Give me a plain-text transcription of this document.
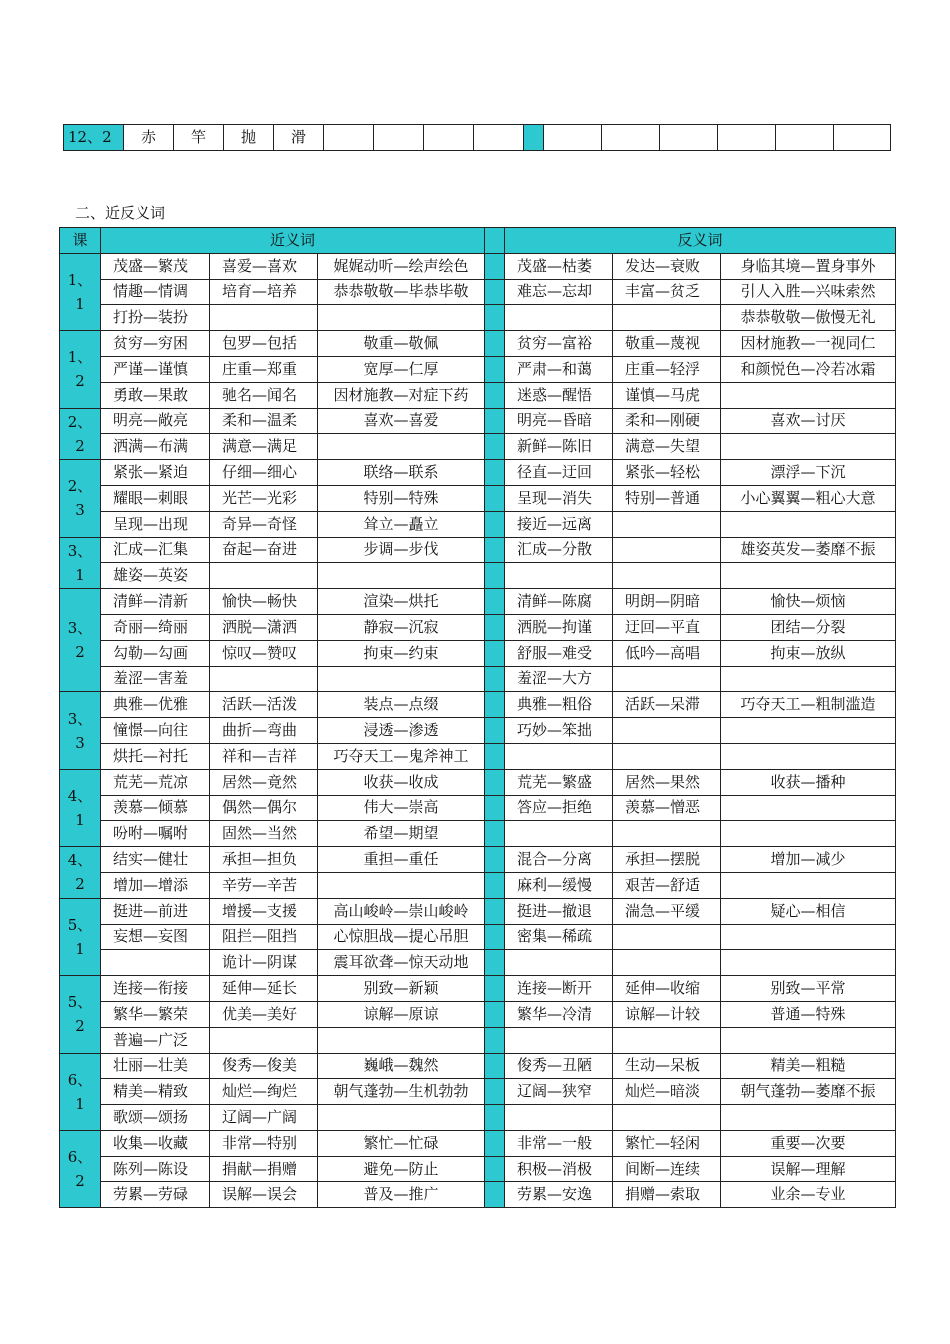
12、2	赤	竿	抛	滑											

二、近反义词

课	近义词				反义词		

1、
1	茂盛—繁茂	喜爱—喜欢	娓娓动听—绘声绘色		茂盛—枯萎	发达—衰败	身临其境—置身事外
	情趣—情调	培育—培养	恭恭敬敬—毕恭毕敬		难忘—忘却	丰富—贫乏	引人入胜—兴味索然
	打扮—装扮						恭恭敬敬—傲慢无礼

1、
2	贫穷—穷困	包罗—包括	敬重—敬佩		贫穷—富裕	敬重—蔑视	因材施教—一视同仁
	严谨—谨慎	庄重—郑重	宽厚—仁厚		严肃—和蔼	庄重—轻浮	和颜悦色—冷若冰霜
	勇敢—果敢	驰名—闻名	因材施教—对症下药		迷惑—醒悟	谨慎—马虎	

2、
2	明亮—敞亮	柔和—温柔	喜欢—喜爱		明亮—昏暗	柔和—刚硬	喜欢—讨厌
	洒满—布满	满意—满足			新鲜—陈旧	满意—失望	

2、
3	紧张—紧迫	仔细—细心	联络—联系		径直—迂回	紧张—轻松	漂浮—下沉
	耀眼—刺眼	光芒—光彩	特别—特殊		呈现—消失	特别—普通	小心翼翼—粗心大意
	呈现—出现	奇异—奇怪	耸立—矗立		接近—远离		

3、
1	汇成—汇集	奋起—奋进	步调—步伐		汇成—分散		雄姿英发—萎靡不振
	雄姿—英姿						

3、
2	清鲜—清新	愉快—畅快	渲染—烘托		清鲜—陈腐	明朗—阴暗	愉快—烦恼
	奇丽—绮丽	洒脱—潇洒	静寂—沉寂		洒脱—拘谨	迂回—平直	团结—分裂
	勾勒—勾画	惊叹—赞叹	拘束—约束		舒服—难受	低吟—高唱	拘束—放纵
	羞涩—害羞				羞涩—大方		

3、
3	典雅—优雅	活跃—活泼	装点—点缀		典雅—粗俗	活跃—呆滞	巧夺天工—粗制滥造
	憧憬—向往	曲折—弯曲	浸透—渗透		巧妙—笨拙		
	烘托—衬托	祥和—吉祥	巧夺天工—鬼斧神工				

4、
1	荒芜—荒凉	居然—竟然	收获—收成		荒芜—繁盛	居然—果然	收获—播种
	羡慕—倾慕	偶然—偶尔	伟大—崇高		答应—拒绝	羡慕—憎恶	
	吩咐—嘱咐	固然—当然	希望—期望				

4、
2	结实—健壮	承担—担负	重担—重任		混合—分离	承担—摆脱	增加—减少
	增加—增添	辛劳—辛苦			麻利—缓慢	艰苦—舒适	

5、
1	挺进—前进	增援—支援	高山峻岭—崇山峻岭		挺进—撤退	湍急—平缓	疑心—相信
	妄想—妄图	阻拦—阻挡	心惊胆战—提心吊胆		密集—稀疏		
		诡计—阴谋	震耳欲聋—惊天动地				

5、
2	连接—衔接	延伸—延长	别致—新颖		连接—断开	延伸—收缩	别致—平常
	繁华—繁荣	优美—美好	谅解—原谅		繁华—冷清	谅解—计较	普通—特殊
	普遍—广泛						

6、
1	壮丽—壮美	俊秀—俊美	巍峨—魏然		俊秀—丑陋	生动—呆板	精美—粗糙
	精美—精致	灿烂—绚烂	朝气蓬勃—生机勃勃		辽阔—狭窄	灿烂—暗淡	朝气蓬勃—萎靡不振
	歌颂—颂扬	辽阔—广阔					

6、
2	收集—收藏	非常—特别	繁忙—忙碌		非常—一般	繁忙—轻闲	重要—次要
	陈列—陈设	捐献—捐赠	避免—防止		积极—消极	间断—连续	误解—理解
	劳累—劳碌	误解—误会	普及—推广		劳累—安逸	捐赠—索取	业余—专业
